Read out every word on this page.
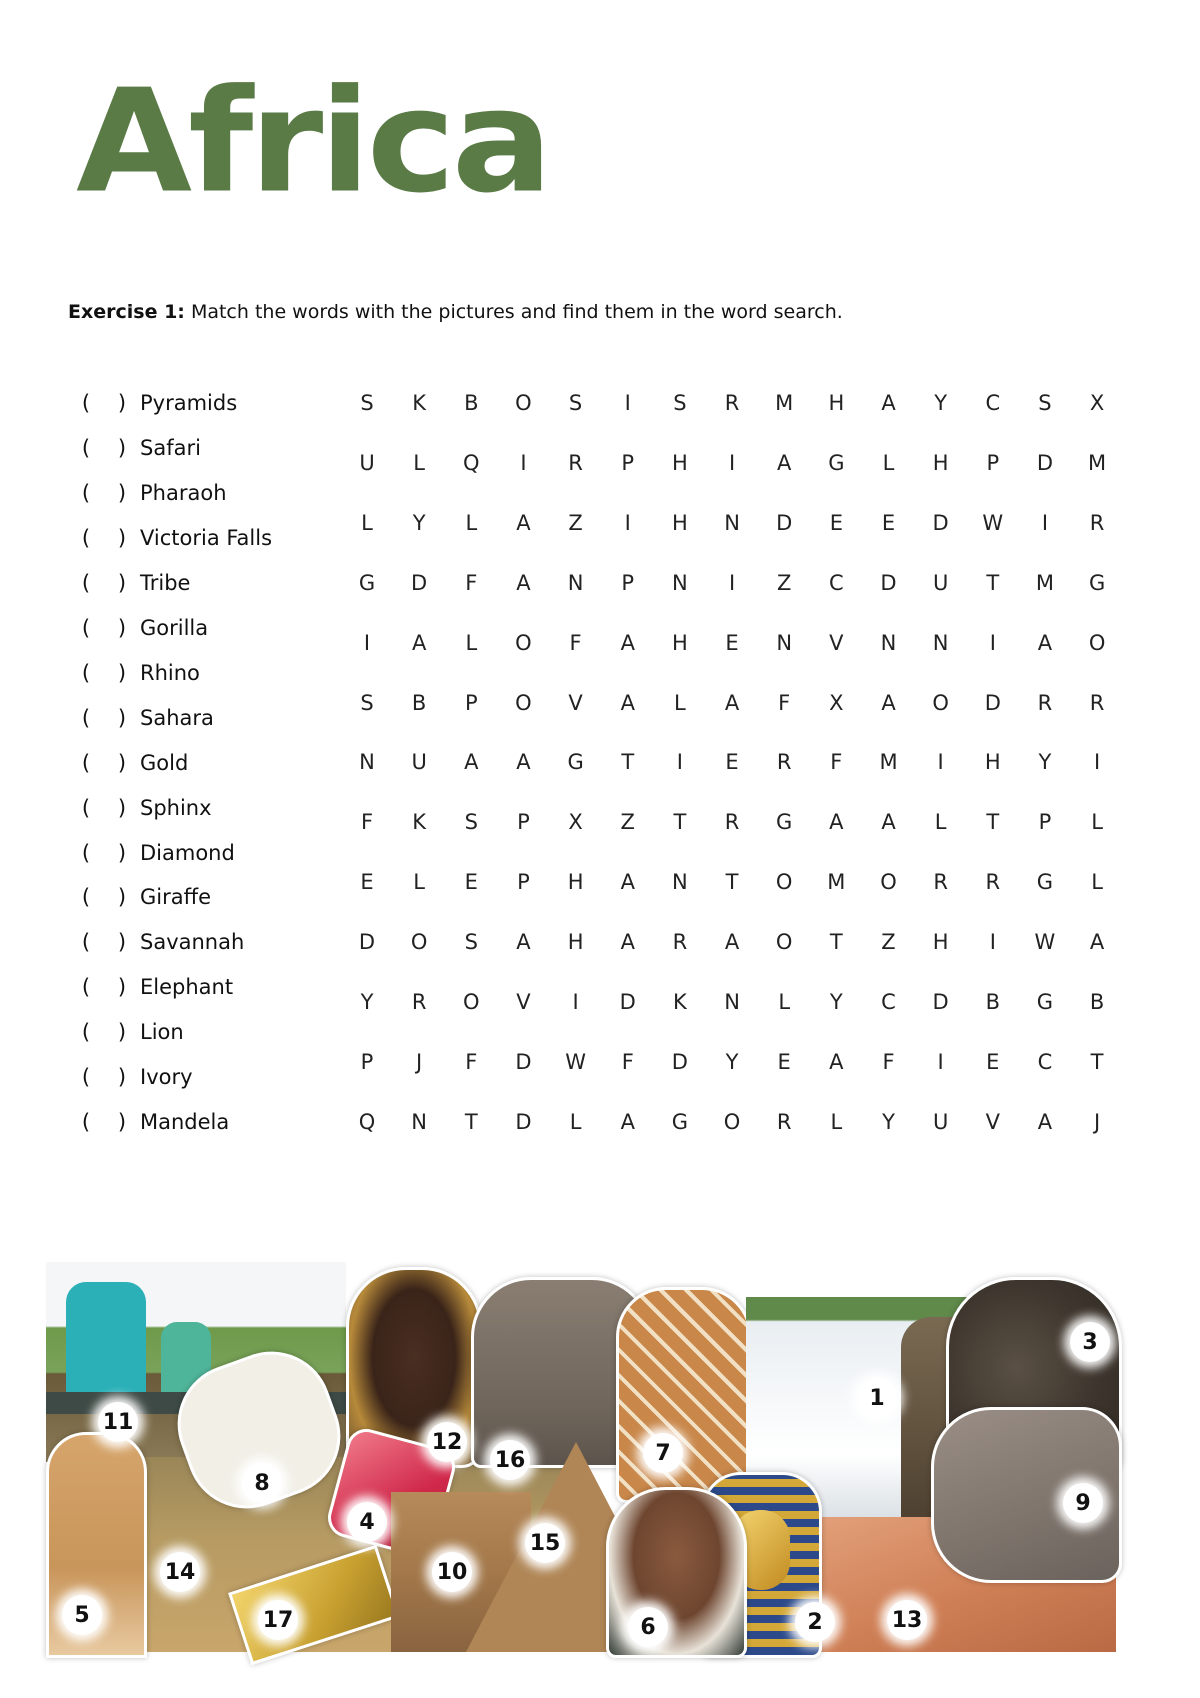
Africa
Exercise 1: Match the words with the pictures and find them in the word search.
( ) Pyramids
( ) Safari
( ) Pharaoh
( ) Victoria Falls
( ) Tribe
( ) Gorilla
( ) Rhino
( ) Sahara
( ) Gold
( ) Sphinx
( ) Diamond
( ) Giraffe
( ) Savannah
( ) Elephant
( ) Lion
( ) Ivory
( ) Mandela
S	K	B	O	S	I	S	R	M	H	A	Y	C	S	X
U	L	Q	I	R	P	H	I	A	G	L	H	P	D	M
L	Y	L	A	Z	I	H	N	D	E	E	D	W	I	R
G	D	F	A	N	P	N	I	Z	C	D	U	T	M	G
I	A	L	O	F	A	H	E	N	V	N	N	I	A	O
S	B	P	O	V	A	L	A	F	X	A	O	D	R	R
N	U	A	A	G	T	I	E	R	F	M	I	H	Y	I
F	K	S	P	X	Z	T	R	G	A	A	L	T	P	L
E	L	E	P	H	A	N	T	O	M	O	R	R	G	L
D	O	S	A	H	A	R	A	O	T	Z	H	I	W	A
Y	R	O	V	I	D	K	N	L	Y	C	D	B	G	B
P	J	F	D	W	F	D	Y	E	A	F	I	E	C	T
Q	N	T	D	L	A	G	O	R	L	Y	U	V	A	J
1
2
3
4
5	6
7
8
9
10
11
12
13
14
15
16
17
